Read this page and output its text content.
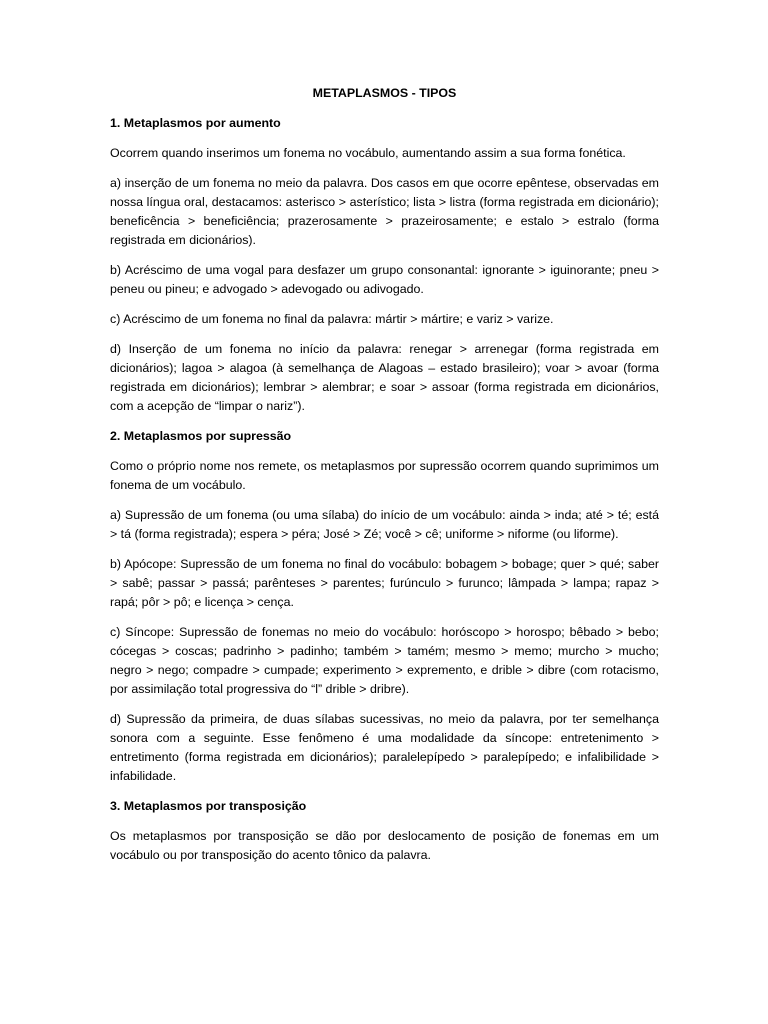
METAPLASMOS - TIPOS
1. Metaplasmos por aumento

Ocorrem quando inserimos um fonema no vocábulo, aumentando assim a sua forma fonética.

a) inserção de um fonema no meio da palavra. Dos casos em que ocorre epêntese, observadas em nossa língua oral, destacamos: asterisco > asterístico; lista > listra (forma registrada em dicionário); beneficência > beneficiência; prazerosamente > prazeirosamente; e estalo > estralo (forma registrada em dicionários).

b) Acréscimo de uma vogal para desfazer um grupo consonantal: ignorante > iguinorante; pneu > peneu ou pineu; e advogado > adevogado ou adivogado.

c) Acréscimo de um fonema no final da palavra: mártir > mártire; e variz > varize.

d) Inserção de um fonema no início da palavra: renegar > arrenegar (forma registrada em dicionários); lagoa > alagoa (à semelhança de Alagoas – estado brasileiro); voar > avoar (forma registrada em dicionários); lembrar > alembrar; e soar > assoar (forma registrada em dicionários, com a acepção de “limpar o nariz”).

2. Metaplasmos por supressão

Como o próprio nome nos remete, os metaplasmos por supressão ocorrem quando suprimimos um fonema de um vocábulo.

a) Supressão de um fonema (ou uma sílaba) do início de um vocábulo: ainda > inda; até > té; está > tá (forma registrada); espera > péra; José > Zé; você > cê; uniforme > niforme (ou liforme).

b) Apócope: Supressão de um fonema no final do vocábulo: bobagem > bobage; quer > qué; saber > sabê; passar > passá; parênteses > parentes; furúnculo > furunco; lâmpada > lampa; rapaz > rapá; pôr > pô; e licença > cença.

c) Síncope: Supressão de fonemas no meio do vocábulo: horóscopo > horospo; bêbado > bebo; cócegas > coscas; padrinho > padinho; também > tamém; mesmo > memo; murcho > mucho; negro > nego; compadre > cumpade; experimento > expremento, e drible > dibre (com rotacismo, por assimilação total progressiva do “l” drible > dribre).

d) Supressão da primeira, de duas sílabas sucessivas, no meio da palavra, por ter semelhança sonora com a seguinte. Esse fenômeno é uma modalidade da síncope: entretenimento > entretimento (forma registrada em dicionários); paralelepípedo > paralepípedo; e infalibilidade > infabilidade.

3. Metaplasmos por transposição

Os metaplasmos por transposição se dão por deslocamento de posição de fonemas em um vocábulo ou por transposição do acento tônico da palavra.
